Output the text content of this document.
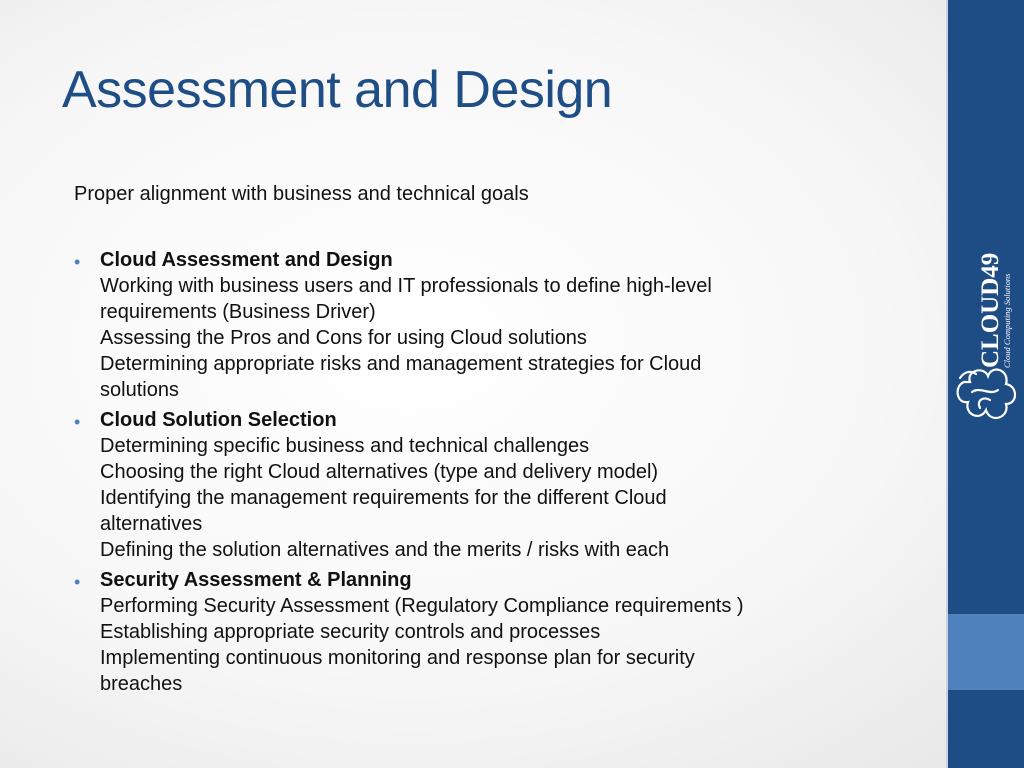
Assessment and Design
Proper alignment with business and technical goals
• Cloud Assessment and Design
Working with business users and IT professionals to define high-level
requirements (Business Driver)
Assessing the Pros and Cons for using Cloud solutions
Determining appropriate risks and management strategies for Cloud
solutions
• Cloud Solution Selection
Determining specific business and technical challenges
Choosing the right Cloud alternatives (type and delivery model)
Identifying the management requirements for the different Cloud
alternatives
Defining the solution alternatives and the merits / risks with each
• Security Assessment & Planning
Performing Security Assessment (Regulatory Compliance requirements )
Establishing appropriate security controls and processes
Implementing continuous monitoring and response plan for security
breaches
CLOUD49
Cloud Computing Solutions
